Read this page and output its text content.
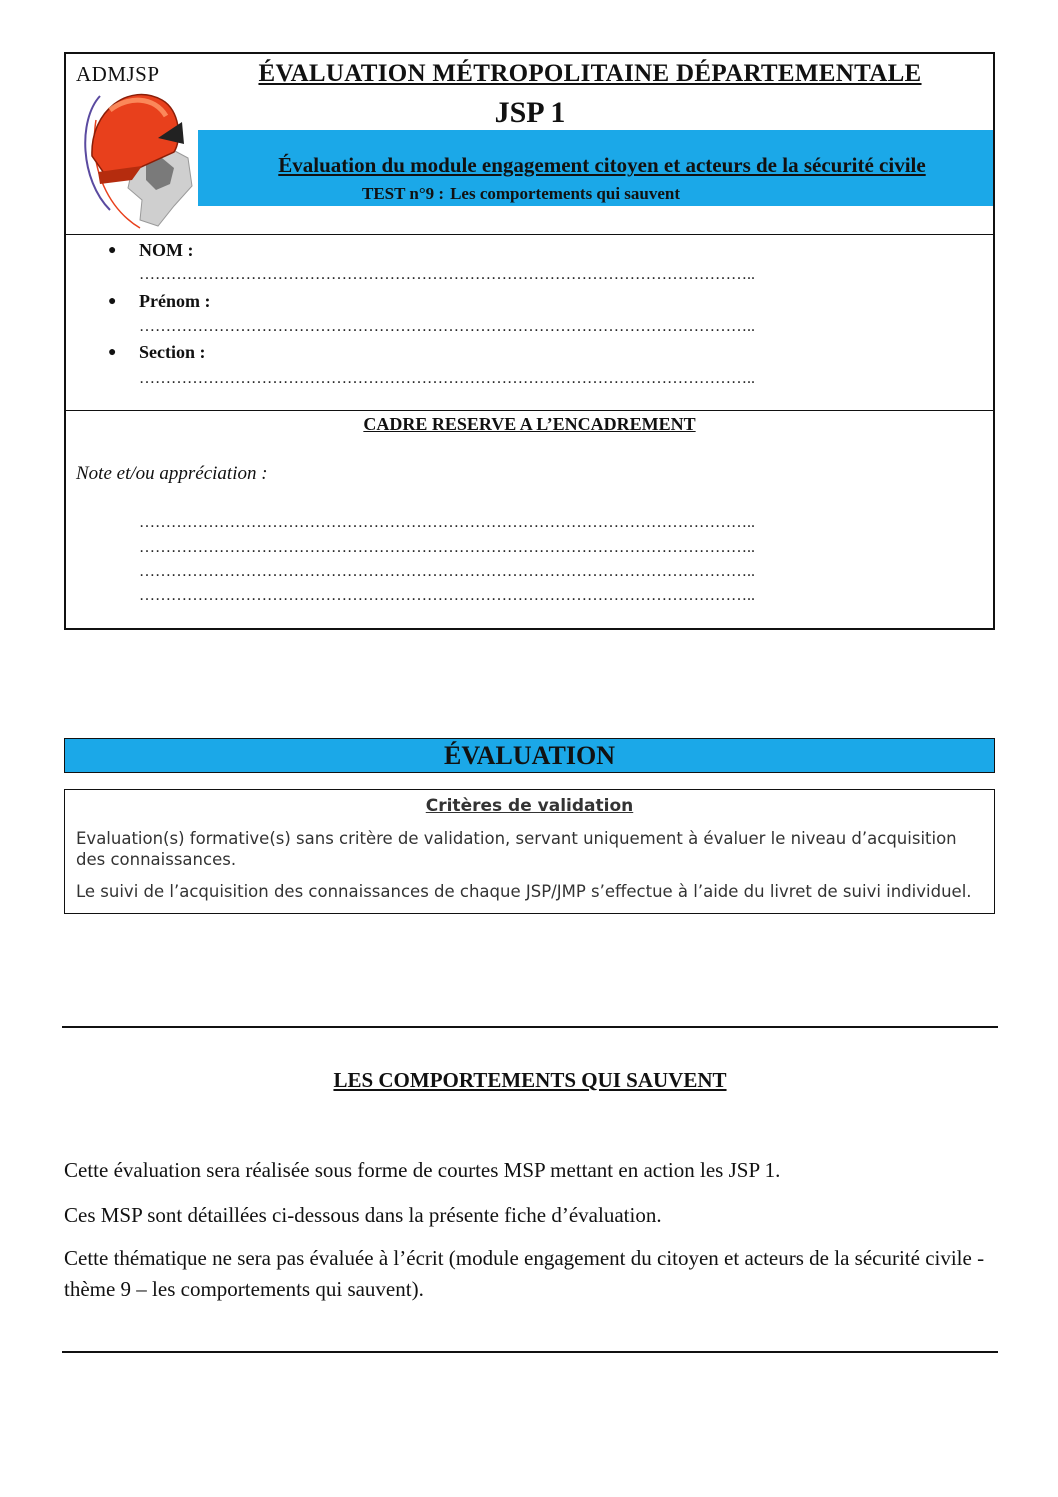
ADMJSP	ÉVALUATION MÉTROPOLITAINE DÉPARTEMENTALE
JSP 1
Évaluation du module engagement citoyen et acteurs de la sécurité civile
TEST n°9 : Les comportements qui sauvent
● NOM :
……………………………………………………………………………………………………..
● Prénom :
……………………………………………………………………………………………………..
● Section :
……………………………………………………………………………………………………..
CADRE RESERVE A L’ENCADREMENT
Note et/ou appréciation :
……………………………………………………………………………………………………..
……………………………………………………………………………………………………..
……………………………………………………………………………………………………..
……………………………………………………………………………………………………..
ÉVALUATION
Critères de validation
Evaluation(s) formative(s) sans critère de validation, servant uniquement à évaluer le niveau d’acquisition des connaissances.
Le suivi de l’acquisition des connaissances de chaque JSP/JMP s’effectue à l’aide du livret de suivi individuel.
LES COMPORTEMENTS QUI SAUVENT
Cette évaluation sera réalisée sous forme de courtes MSP mettant en action les JSP 1.
Ces MSP sont détaillées ci-dessous dans la présente fiche d’évaluation.
Cette thématique ne sera pas évaluée à l’écrit (module engagement du citoyen et acteurs de la sécurité civile - thème 9 – les comportements qui sauvent).
